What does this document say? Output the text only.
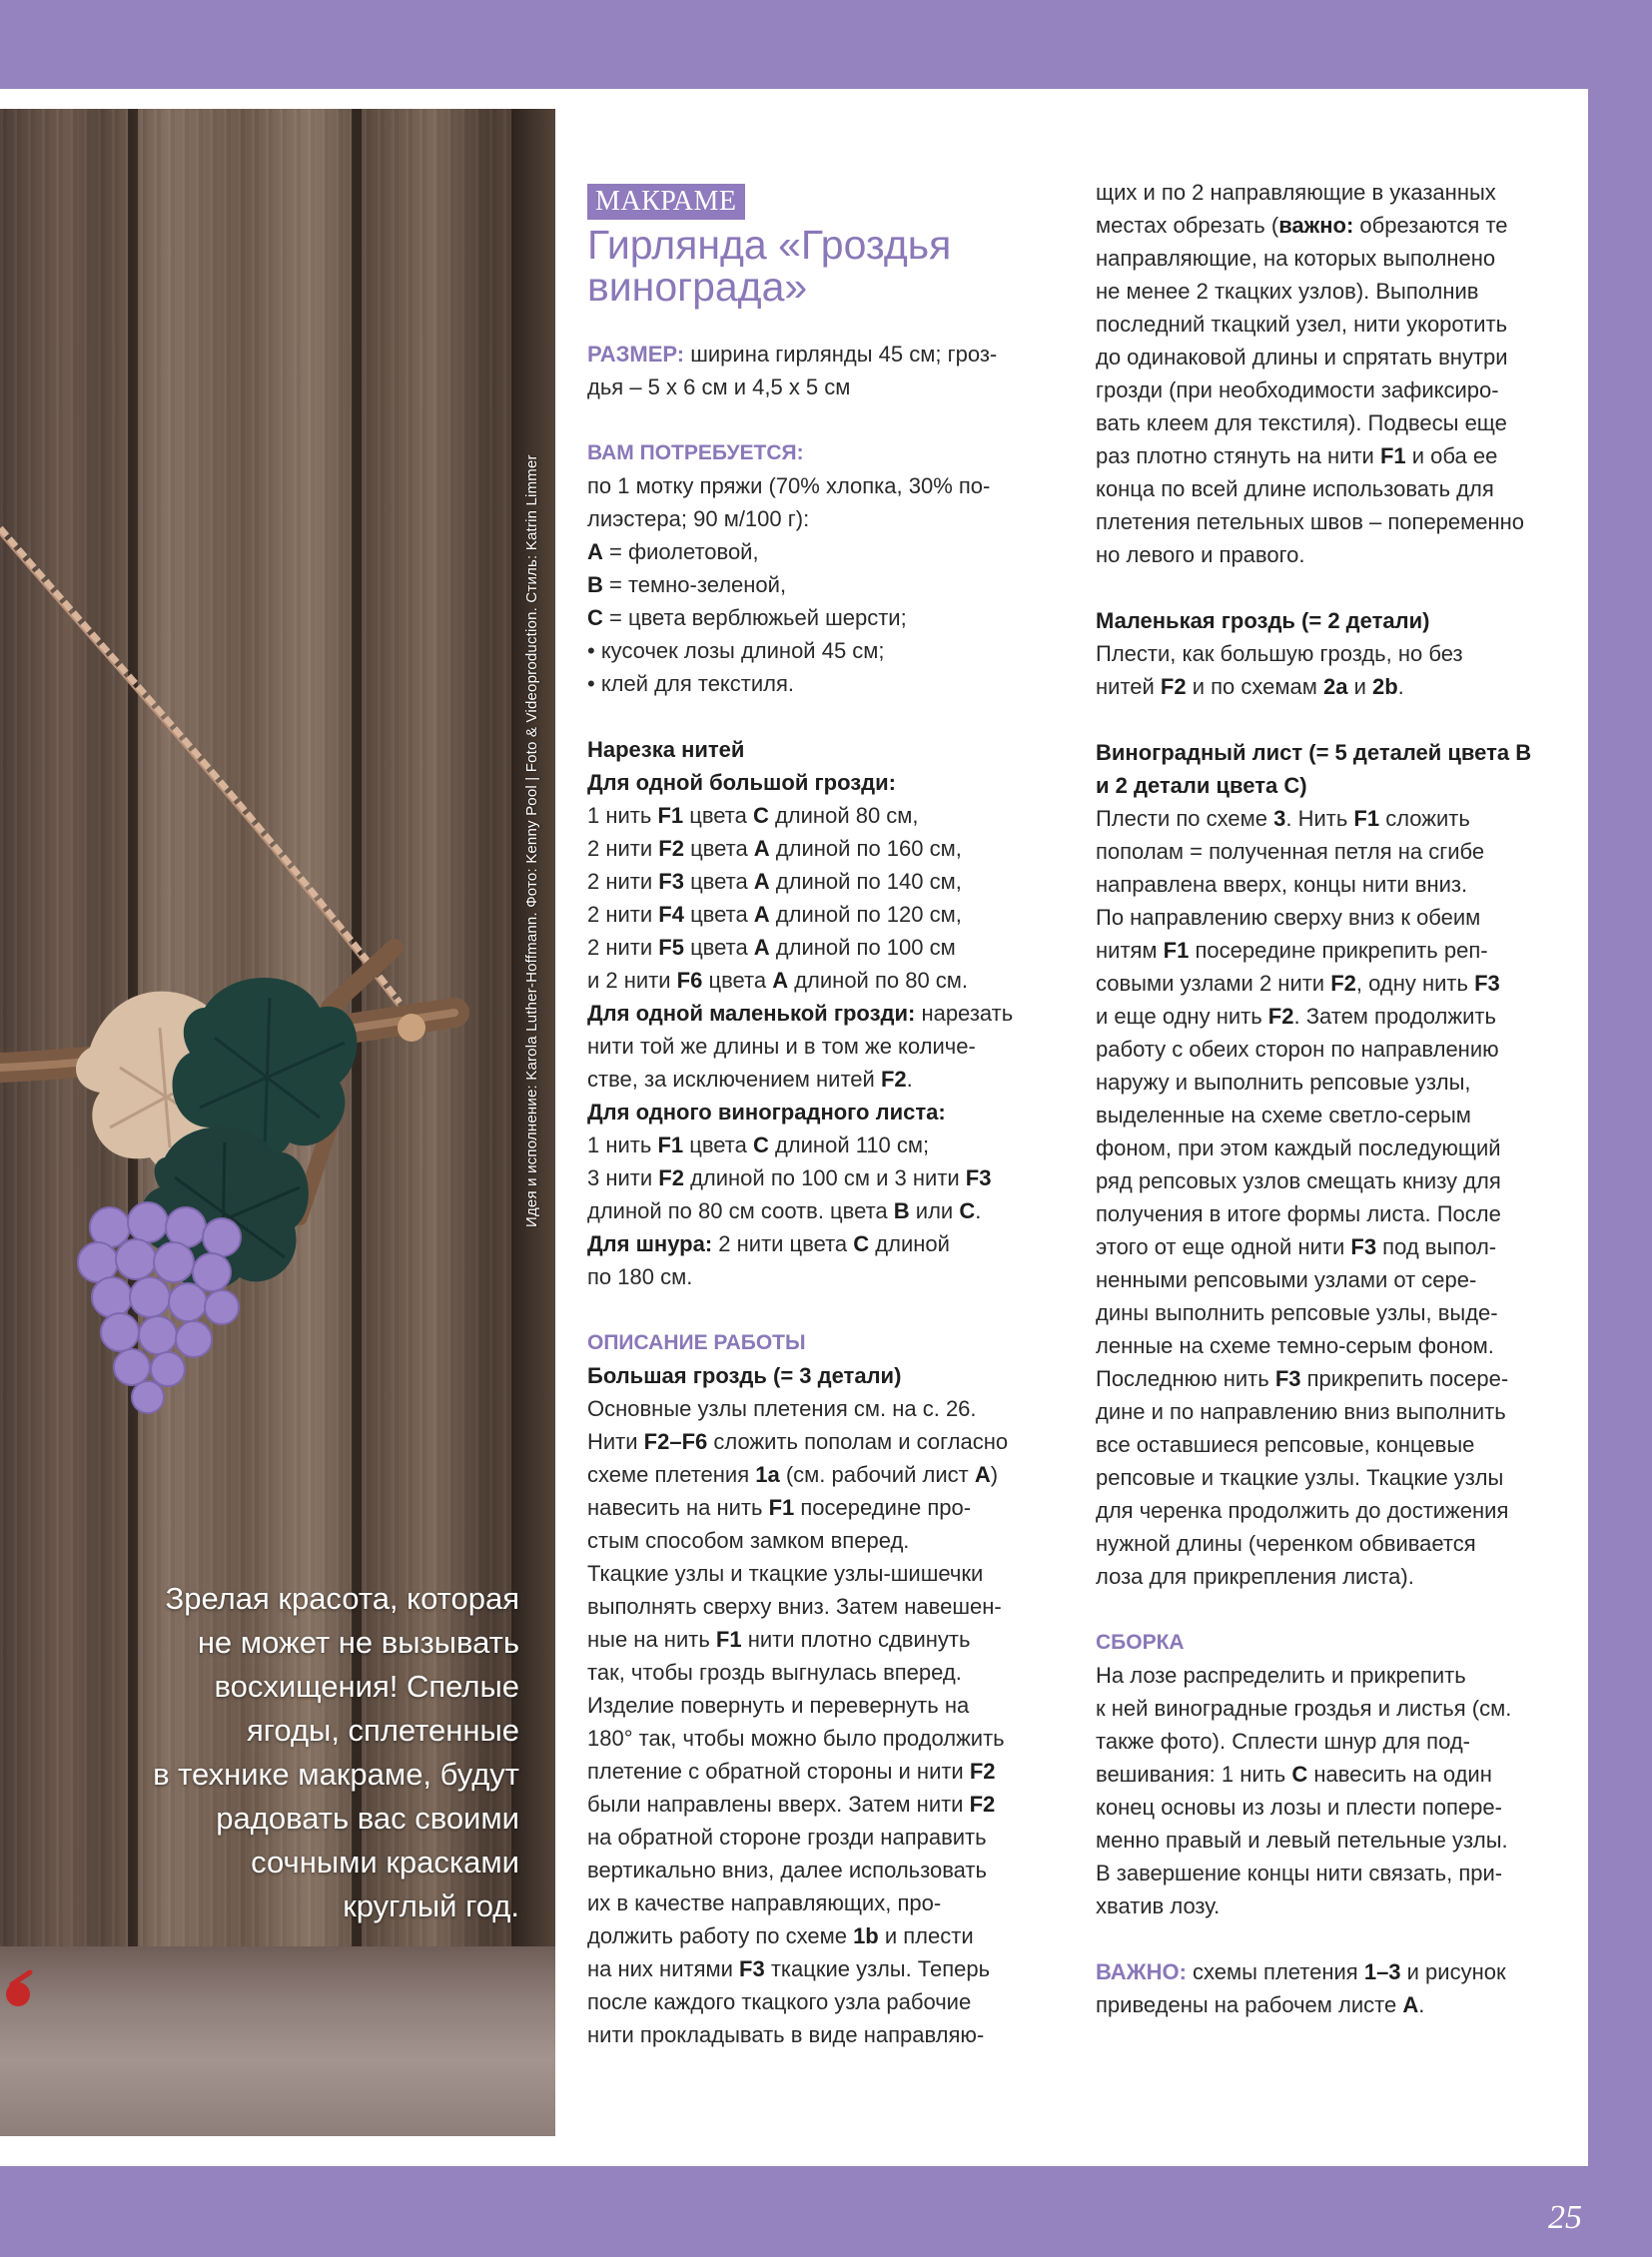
Зрелая красота, которая
не может не вызывать
восхищения! Спелые
ягоды, сплетенные
в технике макраме, будут
радовать вас своими
сочными красками
круглый год.
Идея и исполнение: Karola Luther-Hoffmann. Фото: Kenny Pool | Fotо & Videoproduction. Стиль: Katrin Limmer
МАКРАМЕ
Гирлянда «Гроздья
винограда»

РАЗМЕР: ширина гирлянды 45 см; гроз-

дья – 5 х 6 см и 4,5 х 5 см

ВАМ ПОТРЕБУЕТСЯ:

по 1 мотку пряжи (70% хлопка, 30% по-

лиэстера; 90 м/100 г):

A = фиолетовой,

B = темно-зеленой,

C = цвета верблюжьей шерсти;

• кусочек лозы длиной 45 см;

• клей для текстиля.

Нарезка нитей

Для одной большой грозди:

1 нить F1 цвета C длиной 80 см,

2 нити F2 цвета A длиной по 160 см,

2 нити F3 цвета A длиной по 140 см,

2 нити F4 цвета A длиной по 120 см,

2 нити F5 цвета A длиной по 100 см

и 2 нити F6 цвета A длиной по 80 см.

Для одной маленькой грозди: нарезать

нити той же длины и в том же количе-

стве, за исключением нитей F2.

Для одного виноградного листа:

1 нить F1 цвета C длиной 110 см;

3 нити F2 длиной по 100 см и 3 нити F3

длиной по 80 см соотв. цвета B или C.

Для шнура: 2 нити цвета C длиной

по 180 см.

ОПИСАНИЕ РАБОТЫ

Большая гроздь (= 3 детали)

Основные узлы плетения см. на с. 26.

Нити F2–F6 сложить пополам и согласно

схеме плетения 1a (см. рабочий лист A)

навесить на нить F1 посередине про-

стым способом замком вперед.

Ткацкие узлы и ткацкие узлы-шишечки

выполнять сверху вниз. Затем навешен-

ные на нить F1 нити плотно сдвинуть

так, чтобы гроздь выгнулась вперед.

Изделие повернуть и перевернуть на

180° так, чтобы можно было продолжить

плетение с обратной стороны и нити F2

были направлены вверх. Затем нити F2

на обратной стороне грозди направить

вертикально вниз, далее использовать

их в качестве направляющих, про-

должить работу по схеме 1b и плести

на них нитями F3 ткацкие узлы. Теперь

после каждого ткацкого узла рабочие

нити прокладывать в виде направляю-

щих и по 2 направляющие в указанных

местах обрезать (важно: обрезаются те

направляющие, на которых выполнено

не менее 2 ткацких узлов). Выполнив

последний ткацкий узел, нити укоротить

до одинаковой длины и спрятать внутри

грозди (при необходимости зафиксиро-

вать клеем для текстиля). Подвесы еще

раз плотно стянуть на нити F1 и оба ее

конца по всей длине использовать для

плетения петельных швов – попеременно

но левого и правого.

Маленькая гроздь (= 2 детали)

Плести, как большую гроздь, но без

нитей F2 и по схемам 2a и 2b.

Виноградный лист (= 5 деталей цвета B

и 2 детали цвета C)

Плести по схеме 3. Нить F1 сложить

пополам = полученная петля на сгибе

направлена вверх, концы нити вниз.

По направлению сверху вниз к обеим

нитям F1 посередине прикрепить реп-

совыми узлами 2 нити F2, одну нить F3

и еще одну нить F2. Затем продолжить

работу с обеих сторон по направлению

наружу и выполнить репсовые узлы,

выделенные на схеме светло-серым

фоном, при этом каждый последующий

ряд репсовых узлов смещать книзу для

получения в итоге формы листа. После

этого от еще одной нити F3 под выпол-

ненными репсовыми узлами от сере-

дины выполнить репсовые узлы, выде-

ленные на схеме темно-серым фоном.

Последнюю нить F3 прикрепить посере-

дине и по направлению вниз выполнить

все оставшиеся репсовые, концевые

репсовые и ткацкие узлы. Ткацкие узлы

для черенка продолжить до достижения

нужной длины (черенком обвивается

лоза для прикрепления листа).

СБОРКА

На лозе распределить и прикрепить

к ней виноградные гроздья и листья (см.

также фото). Сплести шнур для под-

вешивания: 1 нить C навесить на один

конец основы из лозы и плести попере-

менно правый и левый петельные узлы.

В завершение концы нити связать, при-

хватив лозу.

ВАЖНО: схемы плетения 1–3 и рисунок

приведены на рабочем листе A.

25
